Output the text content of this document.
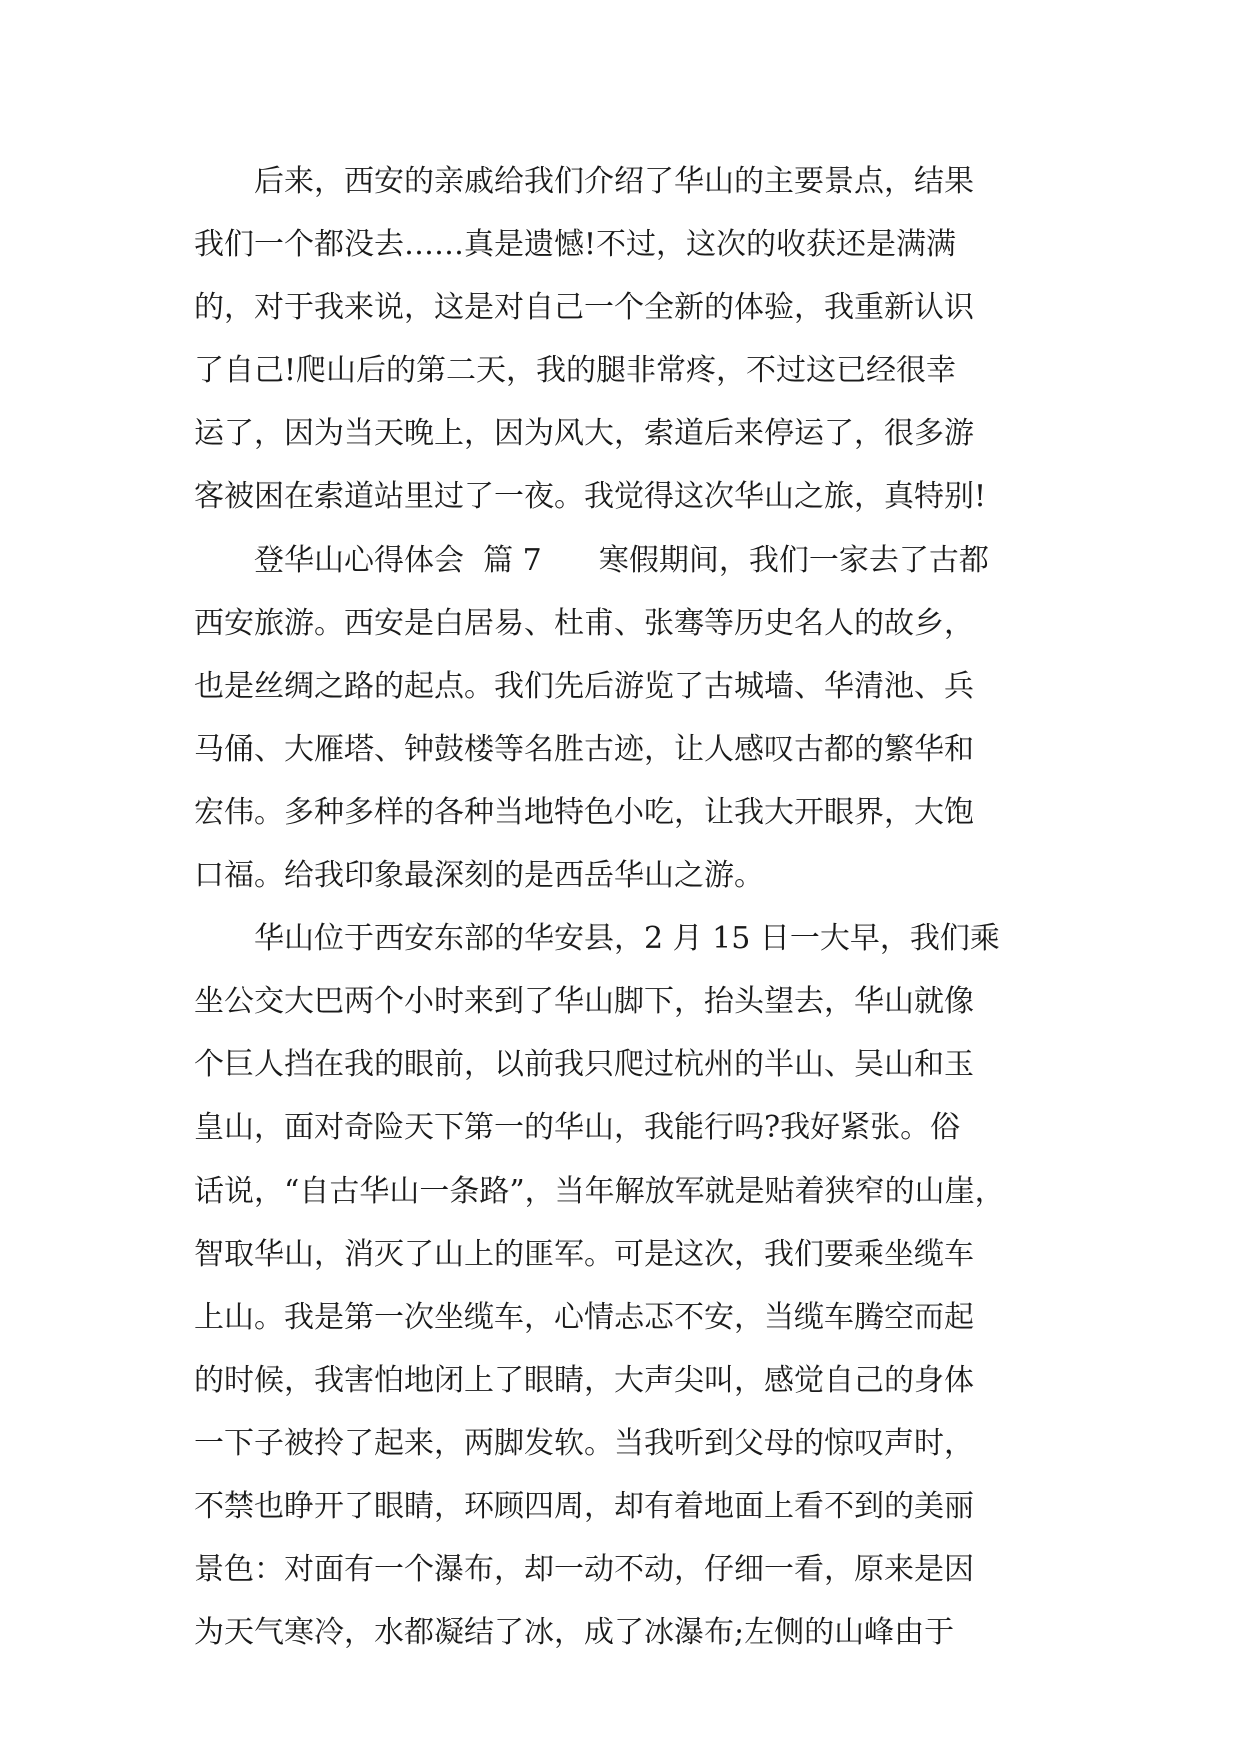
后来，西安的亲戚给我们介绍了华山的主要景点，结果
我们一个都没去……真是遗憾!不过，这次的收获还是满满
的，对于我来说，这是对自己一个全新的体验，我重新认识
了自己!爬山后的第二天，我的腿非常疼，不过这已经很幸
运了，因为当天晚上，因为风大，索道后来停运了，很多游
客被困在索道站里过了一夜。我觉得这次华山之旅，真特别!
登华山心得体会  篇 7      寒假期间，我们一家去了古都
西安旅游。西安是白居易、杜甫、张骞等历史名人的故乡，
也是丝绸之路的起点。我们先后游览了古城墙、华清池、兵
马俑、大雁塔、钟鼓楼等名胜古迹，让人感叹古都的繁华和
宏伟。多种多样的各种当地特色小吃，让我大开眼界，大饱
口福。给我印象最深刻的是西岳华山之游。
华山位于西安东部的华安县，2 月 15 日一大早，我们乘
坐公交大巴两个小时来到了华山脚下，抬头望去，华山就像
个巨人挡在我的眼前，以前我只爬过杭州的半山、吴山和玉
皇山，面对奇险天下第一的华山，我能行吗?我好紧张。俗
话说，“自古华山一条路”，当年解放军就是贴着狭窄的山崖，
智取华山，消灭了山上的匪军。可是这次，我们要乘坐缆车
上山。我是第一次坐缆车，心情忐忑不安，当缆车腾空而起
的时候，我害怕地闭上了眼睛，大声尖叫，感觉自己的身体
一下子被拎了起来，两脚发软。当我听到父母的惊叹声时，
不禁也睁开了眼睛，环顾四周，却有着地面上看不到的美丽
景色：对面有一个瀑布，却一动不动，仔细一看，原来是因
为天气寒冷，水都凝结了冰，成了冰瀑布;左侧的山峰由于
